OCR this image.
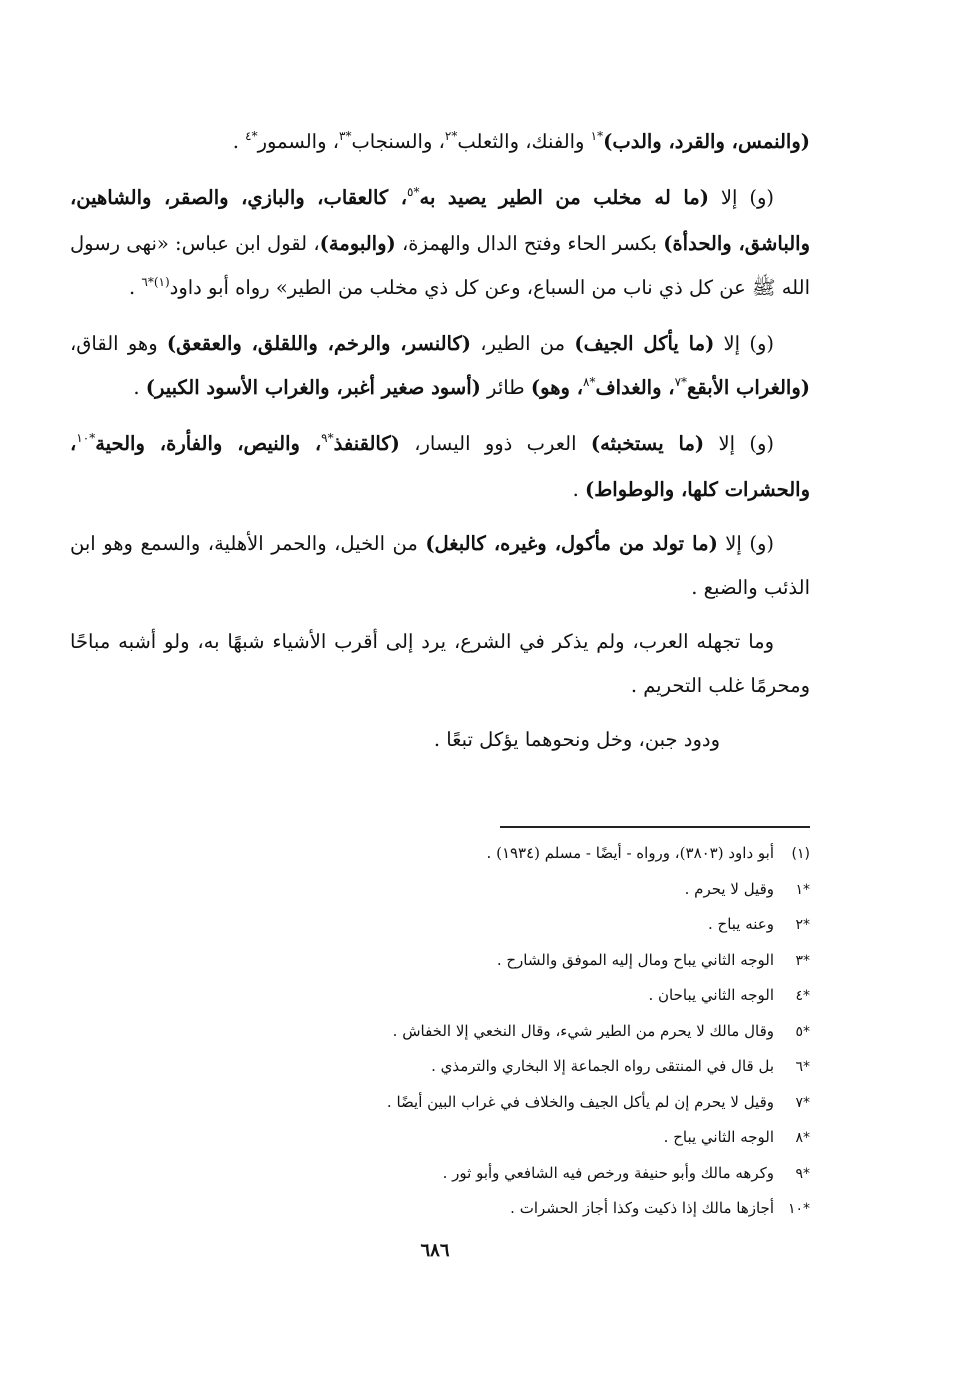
(والنمس، والقرد، والدب)$^{*١}$ والفنك، والثعلب$^{*٢}$، والسنجاب$^{*٣}$، والسمور$^{*٤}$ .

(و) إلا (ما له مخلب من الطير يصيد به$^{*٥}$، كالعقاب، والبازي، والصقر، والشاهين، والباشق، والحدأة) بكسر الحاء وفتح الدال والهمزة، (والبومة)، لقول ابن عباس: «نهى رسول الله ﷺ عن كل ذي ناب من السباع، وعن كل ذي مخلب من الطير» رواه أبو داود$^{(١)*٦}$ .

(و) إلا (ما يأكل الجيف) من الطير، (كالنسر، والرخم، واللقلق، والعقعق) وهو القاق، (والغراب الأبقع$^{*٧}$، والغداف$^{*٨}$، وهو) طائر (أسود صغير أغبر، والغراب الأسود الكبير) .

(و) إلا (ما يستخبثه) العرب ذوو اليسار، (كالقنفذ$^{*٩}$، والنيص، والفأرة، والحية$^{*١٠}$، والحشرات كلها، والوطواط) .

(و) إلا (ما تولد من مأكول، وغيره، كالبغل) من الخيل، والحمر الأهلية، والسمع وهو ابن الذئب والضبع .

وما تجهله العرب، ولم يذكر في الشرع، يرد إلى أقرب الأشياء شبهًا به، ولو أشبه مباحًا ومحرمًا غلب التحريم .

ودود جبن، وخل ونحوهما يؤكل تبعًا .

(١)أبو داود (٣٨٠٣)، ورواه - أيضًا - مسلم (١٩٣٤) .
*١وقيل لا يحرم .
*٢وعنه يباح .
*٣الوجه الثاني يباح ومال إليه الموفق والشارح .
*٤الوجه الثاني يباحان .
*٥وقال مالك لا يحرم من الطير شيء، وقال النخعي إلا الخفاش .
*٦بل قال في المنتقى رواه الجماعة إلا البخاري والترمذي .
*٧وقيل لا يحرم إن لم يأكل الجيف والخلاف في غراب البين أيضًا .
*٨الوجه الثاني يباح .
*٩وكرهه مالك وأبو حنيفة ورخص فيه الشافعي وأبو ثور .
*١٠أجازها مالك إذا ذكيت وكذا أجاز الحشرات .
٦٨٦
